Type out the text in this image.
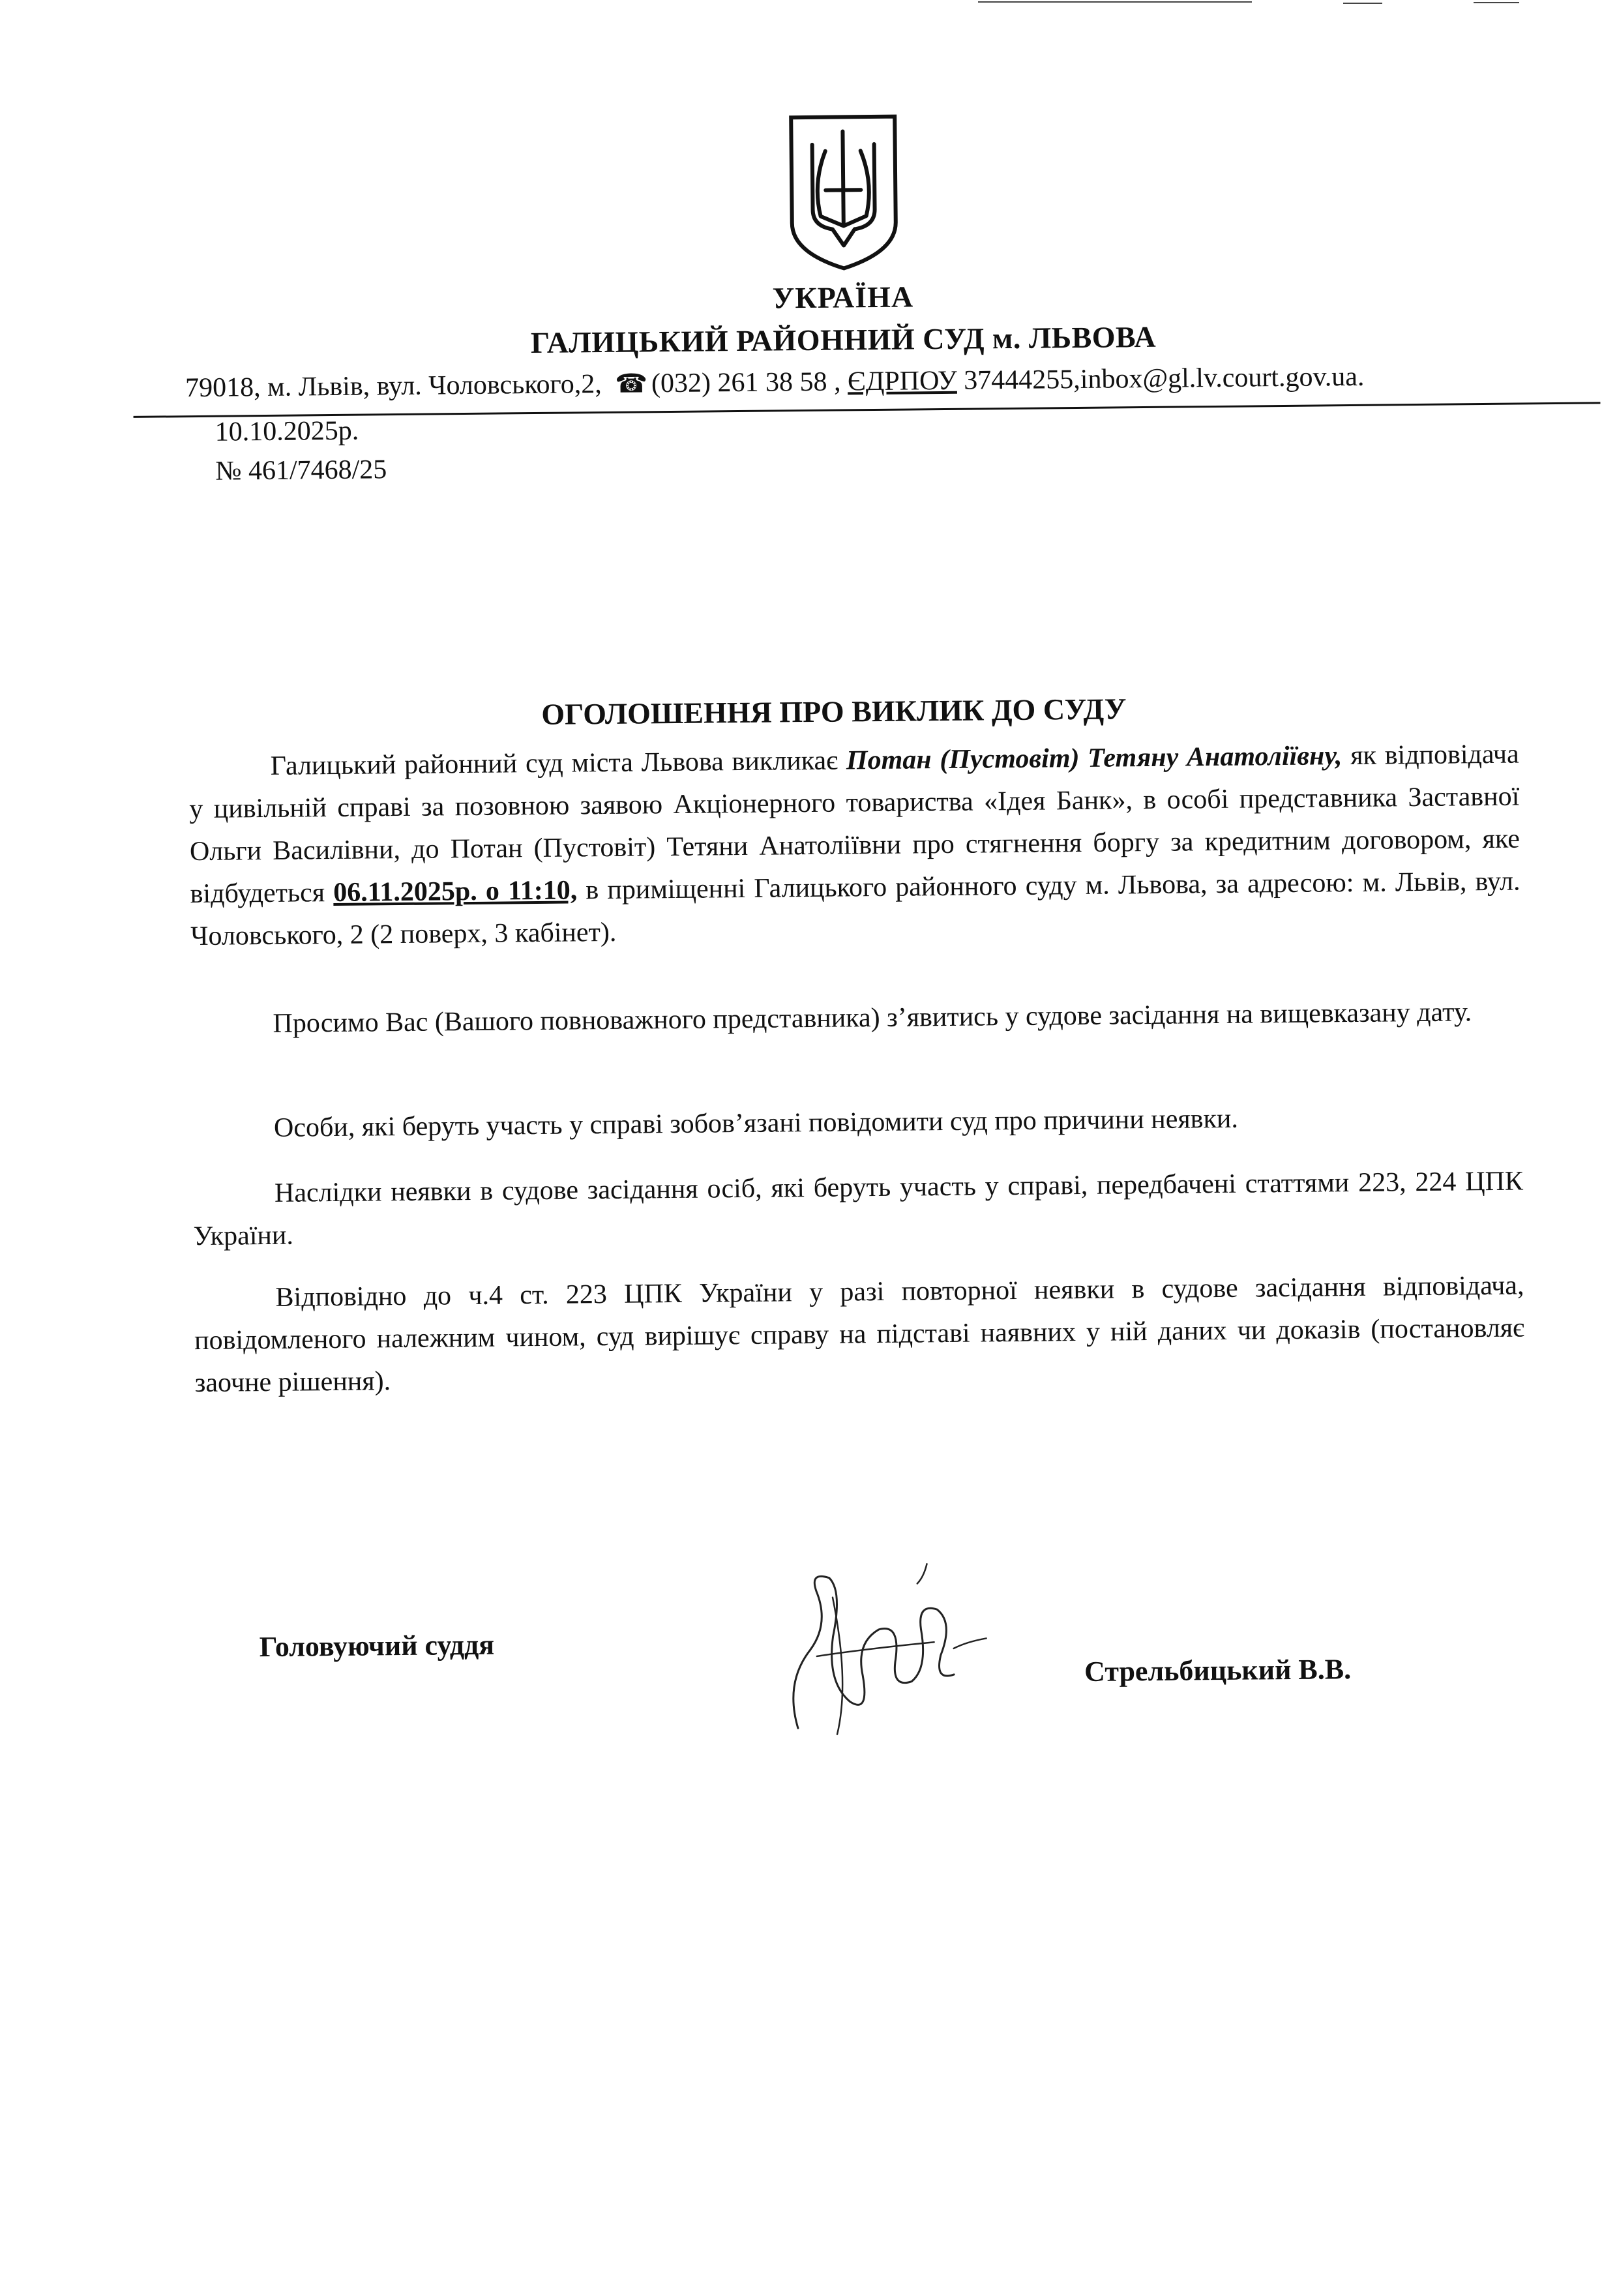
УКРАЇНА
ГАЛИЦЬКИЙ РАЙОННИЙ СУД м. ЛЬВОВА
79018, м. Львів, вул. Чоловського,2, ☎ (032) 261 38 58 , ЄДРПОУ 37444255,inbox@gl.lv.court.gov.ua.
10.10.2025р.
№ 461/7468/25
ОГОЛОШЕННЯ ПРО ВИКЛИК ДО СУДУ
Галицький районний суд міста Львова викликає Потан (Пустовіт) Тетяну Анатоліївну, як відповідача у цивільній справі за позовною заявою Акціонерного товариства «Ідея Банк», в особі представника Заставної Ольги Василівни, до Потан (Пустовіт) Тетяни Анатоліївни про стягнення боргу за кредитним договором, яке відбудеться 06.11.2025р. о 11:10, в приміщенні Галицького районного суду м. Львова, за адресою: м. Львів, вул. Чоловського, 2 (2 поверх, 3 кабінет).
Просимо Вас (Вашого повноважного представника) з’явитись у судове засідання на вищевказану дату.
Особи, які беруть участь у справі зобов’язані повідомити суд про причини неявки.
Наслідки неявки в судове засідання осіб, які беруть участь у справі, передбачені статтями 223, 224 ЦПК України.
Відповідно до ч.4 ст. 223 ЦПК України у разі повторної неявки в судове засідання відповідача, повідомленого належним чином, суд вирішує справу на підставі наявних у ній даних чи доказів (постановляє заочне рішення).
Головуючий суддя
Стрельбицький В.В.
